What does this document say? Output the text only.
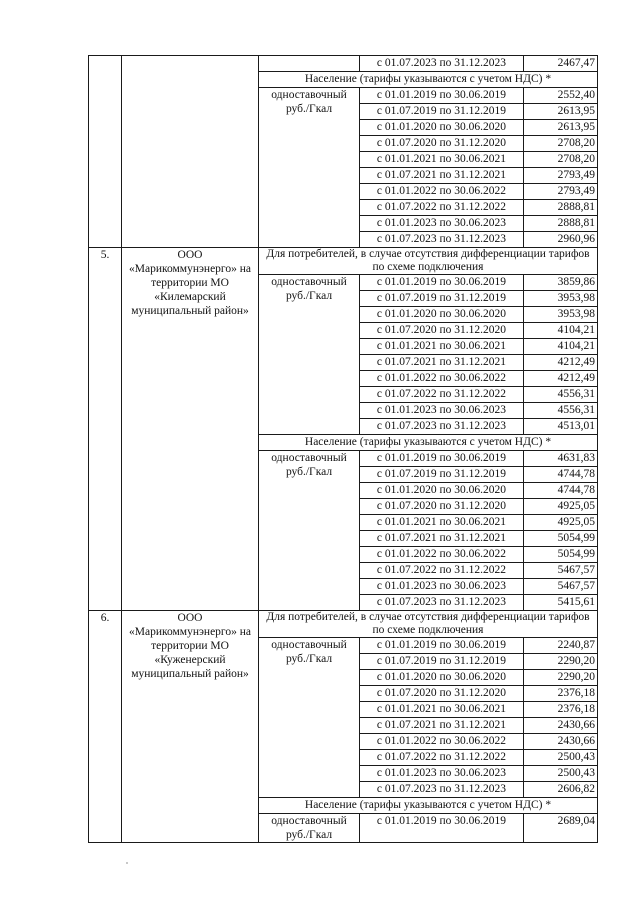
			с 01.07.2023 по 31.12.2023	2467,47
		Население (тарифы указываются с учетом НДС) *		

		одноставочный
руб./Гкал	с 01.01.2019 по 30.06.2019	2552,40
			с 01.07.2019 по 31.12.2019	2613,95
			с 01.01.2020 по 30.06.2020	2613,95
			с 01.07.2020 по 31.12.2020	2708,20
			с 01.01.2021 по 30.06.2021	2708,20
			с 01.07.2021 по 31.12.2021	2793,49
			с 01.01.2022 по 30.06.2022	2793,49
			с 01.07.2022 по 31.12.2022	2888,81
			с 01.01.2023 по 30.06.2023	2888,81
			с 01.07.2023 по 31.12.2023	2960,96
5.	ООО «Марикоммунэнерго» на территории МО «Килемарский муниципальный район»	Для потребителей, в случае отсутствия дифференциации тарифов по схеме подключения		

		одноставочный
руб./Гкал	с 01.01.2019 по 30.06.2019	3859,86
			с 01.07.2019 по 31.12.2019	3953,98
			с 01.01.2020 по 30.06.2020	3953,98
			с 01.07.2020 по 31.12.2020	4104,21
			с 01.01.2021 по 30.06.2021	4104,21
			с 01.07.2021 по 31.12.2021	4212,49
			с 01.01.2022 по 30.06.2022	4212,49
			с 01.07.2022 по 31.12.2022	4556,31
			с 01.01.2023 по 30.06.2023	4556,31
			с 01.07.2023 по 31.12.2023	4513,01
		Население (тарифы указываются с учетом НДС) *		

		одноставочный
руб./Гкал	с 01.01.2019 по 30.06.2019	4631,83
			с 01.07.2019 по 31.12.2019	4744,78
			с 01.01.2020 по 30.06.2020	4744,78
			с 01.07.2020 по 31.12.2020	4925,05
			с 01.01.2021 по 30.06.2021	4925,05
			с 01.07.2021 по 31.12.2021	5054,99
			с 01.01.2022 по 30.06.2022	5054,99
			с 01.07.2022 по 31.12.2022	5467,57
			с 01.01.2023 по 30.06.2023	5467,57
			с 01.07.2023 по 31.12.2023	5415,61
6.	ООО «Марикоммунэнерго» на территории МО «Куженерский муниципальный район»	Для потребителей, в случае отсутствия дифференциации тарифов по схеме подключения		

		одноставочный
руб./Гкал	с 01.01.2019 по 30.06.2019	2240,87
			с 01.07.2019 по 31.12.2019	2290,20
			с 01.01.2020 по 30.06.2020	2290,20
			с 01.07.2020 по 31.12.2020	2376,18
			с 01.01.2021 по 30.06.2021	2376,18
			с 01.07.2021 по 31.12.2021	2430,66
			с 01.01.2022 по 30.06.2022	2430,66
			с 01.07.2022 по 31.12.2022	2500,43
			с 01.01.2023 по 30.06.2023	2500,43
			с 01.07.2023 по 31.12.2023	2606,82
		Население (тарифы указываются с учетом НДС) *		

		одноставочный
руб./Гкал	с 01.01.2019 по 30.06.2019	2689,04
